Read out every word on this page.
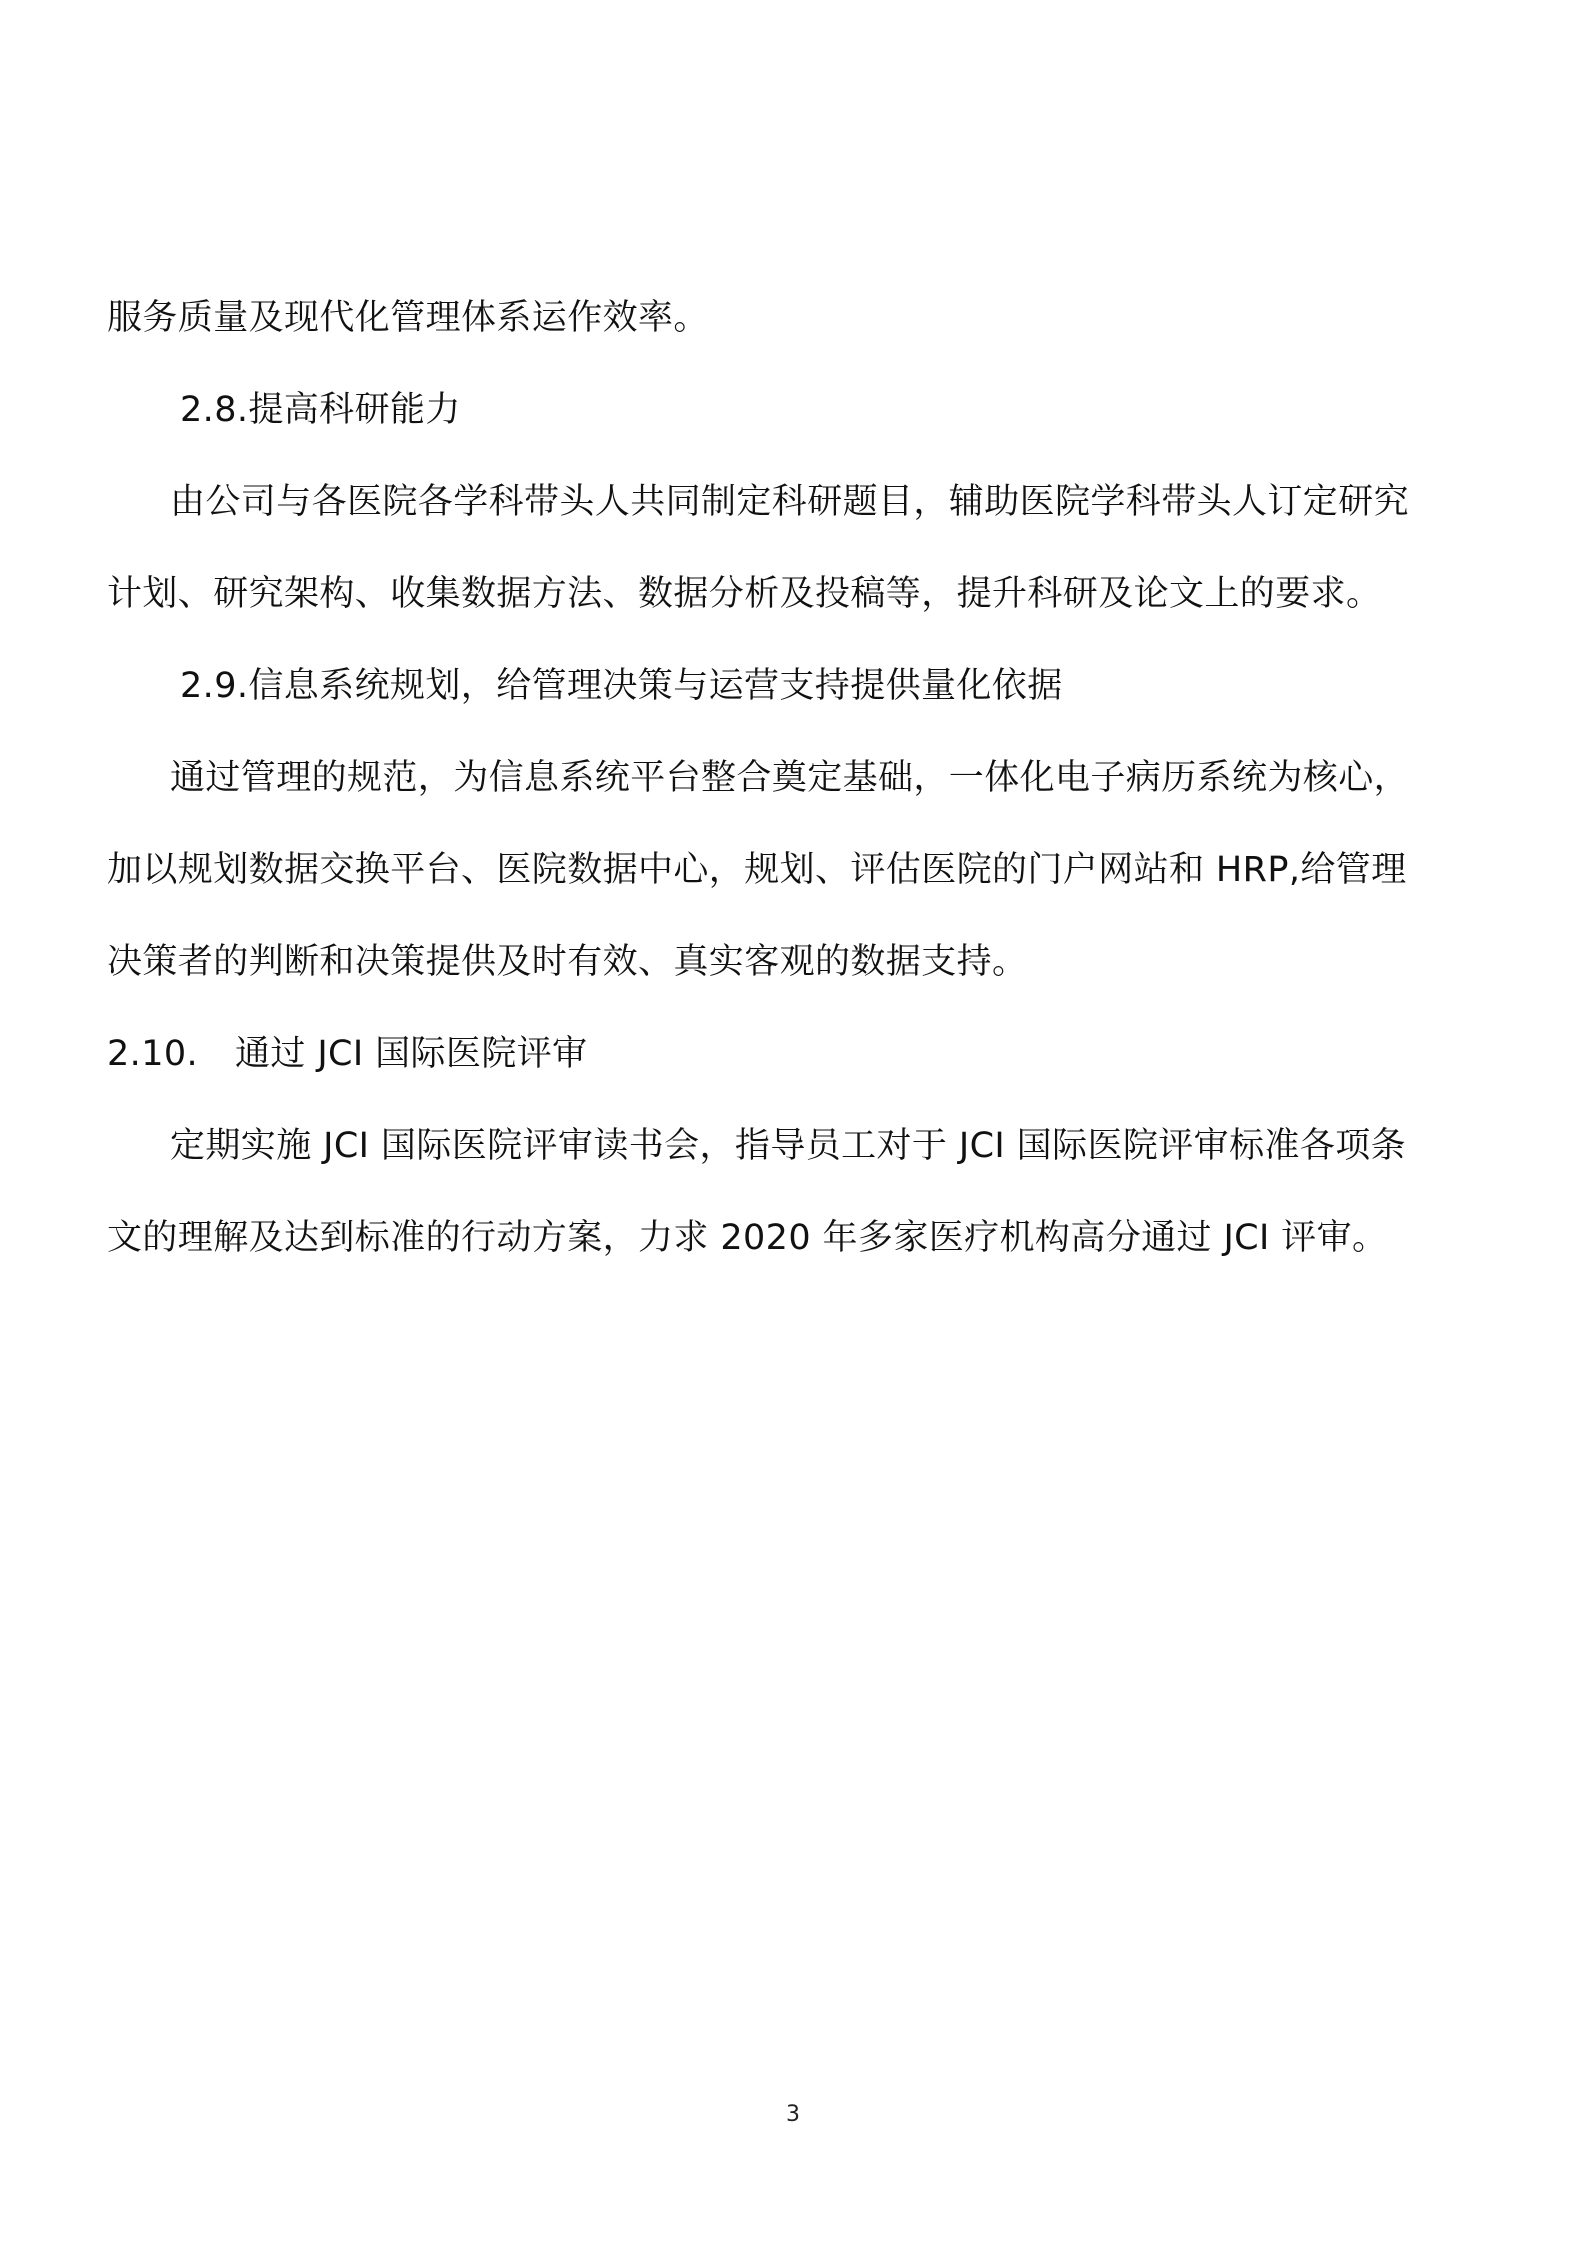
服务质量及现代化管理体系运作效率。
2.8.提高科研能力
由公司与各医院各学科带头人共同制定科研题目，辅助医院学科带头人订定研究
计划、研究架构、收集数据方法、数据分析及投稿等，提升科研及论文上的要求。
2.9.信息系统规划，给管理决策与运营支持提供量化依据
通过管理的规范，为信息系统平台整合奠定基础，一体化电子病历系统为核心，
加以规划数据交换平台、医院数据中心，规划、评估医院的门户网站和 HRP,给管理
决策者的判断和决策提供及时有效、真实客观的数据支持。
2.10. 通过 JCI 国际医院评审
定期实施 JCI 国际医院评审读书会，指导员工对于 JCI 国际医院评审标准各项条
文的理解及达到标准的行动方案，力求 2020 年多家医疗机构高分通过 JCI 评审。
3
